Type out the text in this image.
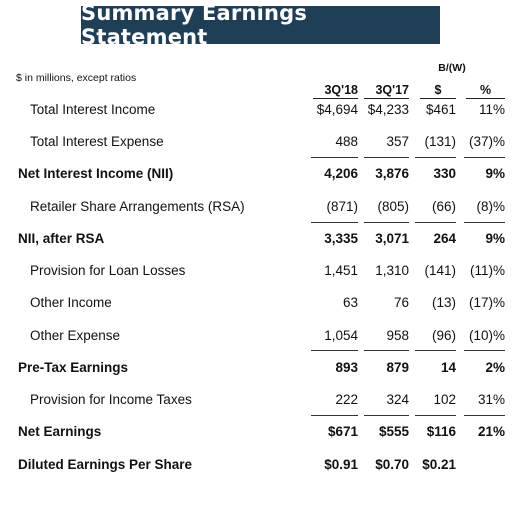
Summary Earnings Statement
$ in millions, except ratios
B/(W)
3Q'18	3Q'17	$	%
Total Interest Income	$4,694 $4,233	$461	11%
Total Interest Expense	488	357	(131) (37)%
Net Interest Income (NII)	4,206	3,876	330	9%
Retailer Share Arrangements (RSA)	(871)	(805)	(66)	(8)%
NII, after RSA	3,335	3,071	264	9%
Provision for Loan Losses	1,451	1,310	(141)	(11)%
Other Income	63	76	(13) (17)%
Other Expense	1,054	958	(96) (10)%
Pre-Tax Earnings	893	879	14	2%
Provision for Income Taxes	222	324	102	31%
Net Earnings	$671	$555	$116	21%
Diluted Earnings Per Share	$0.91	$0.70 $0.21
